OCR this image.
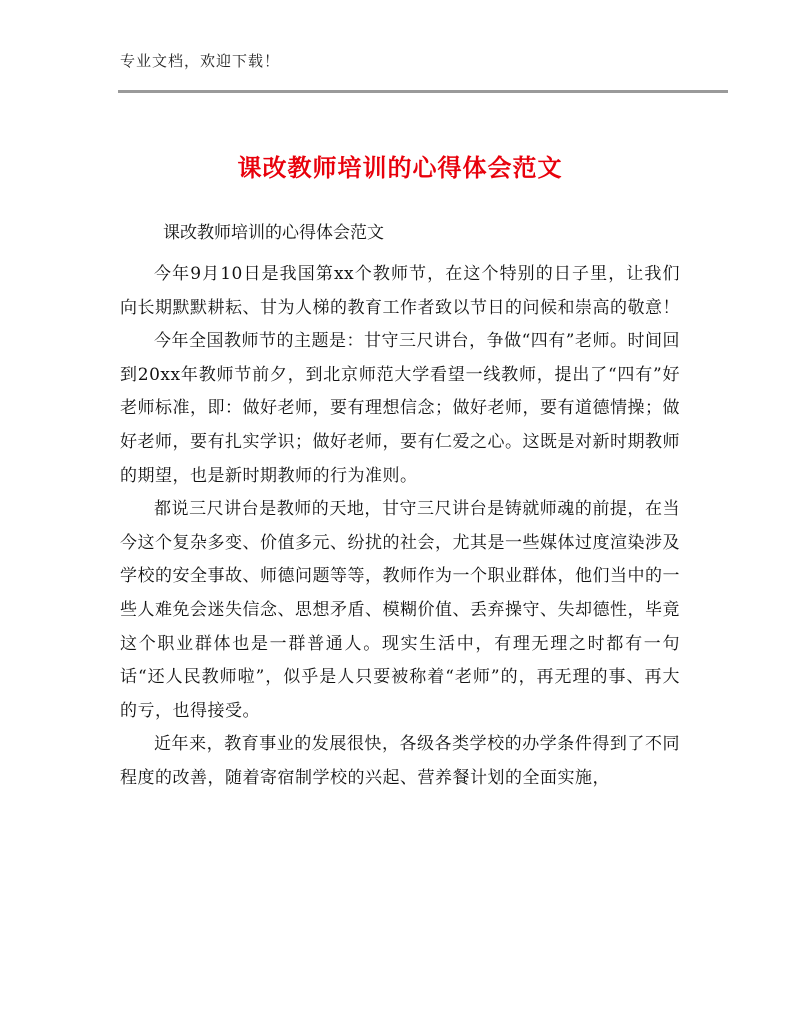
专业文档，欢迎下载！
课改教师培训的心得体会范文
课改教师培训的心得体会范文

今年9月10日是我国第xx个教师节，在这个特别的日子里，让我们向长期默默耕耘、甘为人梯的教育工作者致以节日的问候和崇高的敬意！

今年全国教师节的主题是：甘守三尺讲台，争做“四有”老师。时间回到20xx年教师节前夕，到北京师范大学看望一线教师，提出了“四有”好老师标准，即：做好老师，要有理想信念；做好老师，要有道德情操；做好老师，要有扎实学识；做好老师，要有仁爱之心。这既是对新时期教师的期望，也是新时期教师的行为准则。

都说三尺讲台是教师的天地，甘守三尺讲台是铸就师魂的前提，在当今这个复杂多变、价值多元、纷扰的社会，尤其是一些媒体过度渲染涉及学校的安全事故、师德问题等等，教师作为一个职业群体，他们当中的一些人难免会迷失信念、思想矛盾、模糊价值、丢弃操守、失却德性，毕竟这个职业群体也是一群普通人。现实生活中，有理无理之时都有一句话“还人民教师啦”，似乎是人只要被称着“老师”的，再无理的事、再大的亏，也得接受。

近年来，教育事业的发展很快，各级各类学校的办学条件得到了不同程度的改善，随着寄宿制学校的兴起、营养餐计划的全面实施，
